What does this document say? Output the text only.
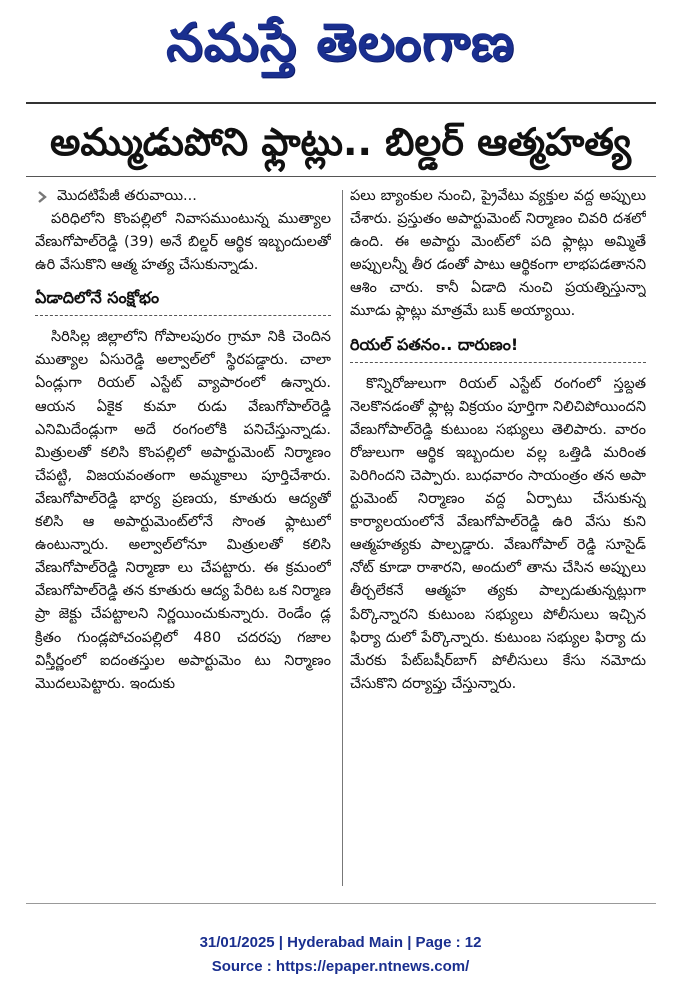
నమస్తే తెలంగాణ
అమ్ముడుపోని ఫ్లాట్లు.. బిల్డర్ ఆత్మహత్య
మొదటిపేజీ తరువాయి...

పరిధిలోని కొంపల్లిలో నివాసముంటున్న ముత్యాల వేణుగోపాల్‌రెడ్డి (39) అనే బిల్డర్ ఆర్థిక ఇబ్బందులతో ఉరి వేసుకొని ఆత్మ హత్య చేసుకున్నాడు.

ఏడాదిలోనే సంక్షోభం

సిరిసిల్ల జిల్లాలోని గోపాలపురం గ్రామా నికి చెందిన ముత్యాల ఏసురెడ్డి అల్వాల్‌లో స్థిరపడ్డారు. చాలా ఏండ్లుగా రియల్ ఎస్టేట్ వ్యాపారంలో ఉన్నారు. ఆయన ఏకైక కుమా రుడు వేణుగోపాల్‌రెడ్డి ఎనిమిదేండ్లుగా అదే రంగంలోకి పనిచేస్తున్నాడు. మిత్రులతో కలిసి కొంపల్లిలో అపార్టుమెంట్ నిర్మాణం చేపట్టి, విజయవంతంగా అమ్మకాలు పూర్తిచేశారు. వేణుగోపాల్‌రెడ్డి భార్య ప్రణయ, కూతురు ఆద్యతో కలిసి ఆ అపార్టుమెంట్‌లోనే సొంత ఫ్లాటులో ఉంటున్నారు. అల్వాల్‌లోనూ మిత్రులతో కలిసి వేణుగోపాల్‌రెడ్డి నిర్మాణా లు చేపట్టారు. ఈ క్రమంలో వేణుగోపాల్‌రెడ్డి తన కూతురు ఆద్య పేరిట ఒక నిర్మాణ ప్రా జెక్టు చేపట్టాలని నిర్ణయించుకున్నారు. రెండేం డ్ల క్రితం గుండ్లపోచంపల్లిలో 480 చదరపు గజాల విస్తీర్ణంలో ఐదంతస్తుల అపార్టుమెం టు నిర్మాణం మొదలుపెట్టారు. ఇందుకు

పలు బ్యాంకుల నుంచి, ప్రైవేటు వ్యక్తుల వద్ద అప్పులు చేశారు. ప్రస్తుతం అపార్టుమెంట్ నిర్మాణం చివరి దశలో ఉంది. ఈ అపార్టు మెంట్‌లో పది ఫ్లాట్లు అమ్మితే అప్పులన్నీ తీర డంతో పాటు ఆర్థికంగా లాభపడతానని ఆశిం చారు. కానీ ఏడాది నుంచి ప్రయత్నిస్తున్నా మూడు ఫ్లాట్లు మాత్రమే బుక్ అయ్యాయి.

రియల్ పతనం.. దారుణం!

కొన్నిరోజులుగా రియల్ ఎస్టేట్ రంగంలో స్తబ్దత నెలకొనడంతో ఫ్లాట్ల విక్రయం పూర్తిగా నిలిచిపోయిందని వేణుగోపాల్‌రెడ్డి కుటుంబ సభ్యులు తెలిపారు. వారం రోజులుగా ఆర్థిక ఇబ్బందుల వల్ల ఒత్తిడి మరింత పెరిగిందని చెప్పారు. బుధవారం సాయంత్రం తన అపా ర్టుమెంట్ నిర్మాణం వద్ద ఏర్పాటు చేసుకున్న కార్యాలయంలోనే వేణుగోపాల్‌రెడ్డి ఉరి వేసు కుని ఆత్మహత్యకు పాల్పడ్డారు. వేణుగోపాల్ రెడ్డి సూసైడ్ నోట్ కూడా రాశారని, అందులో తాను చేసిన అప్పులు తీర్చలేకనే ఆత్మహ త్యకు పాల్పడుతున్నట్లుగా పేర్కొన్నారని కుటుంబ సభ్యులు పోలీసులు ఇచ్చిన ఫిర్యా దులో పేర్కొన్నారు. కుటుంబ సభ్యుల ఫిర్యా దు మేరకు పేట్‌బషీర్‌బాగ్ పోలీసులు కేసు నమోదు చేసుకొని దర్యాప్తు చేస్తున్నారు.

31/01/2025 | Hyderabad Main | Page : 12
Source : https://epaper.ntnews.com/
